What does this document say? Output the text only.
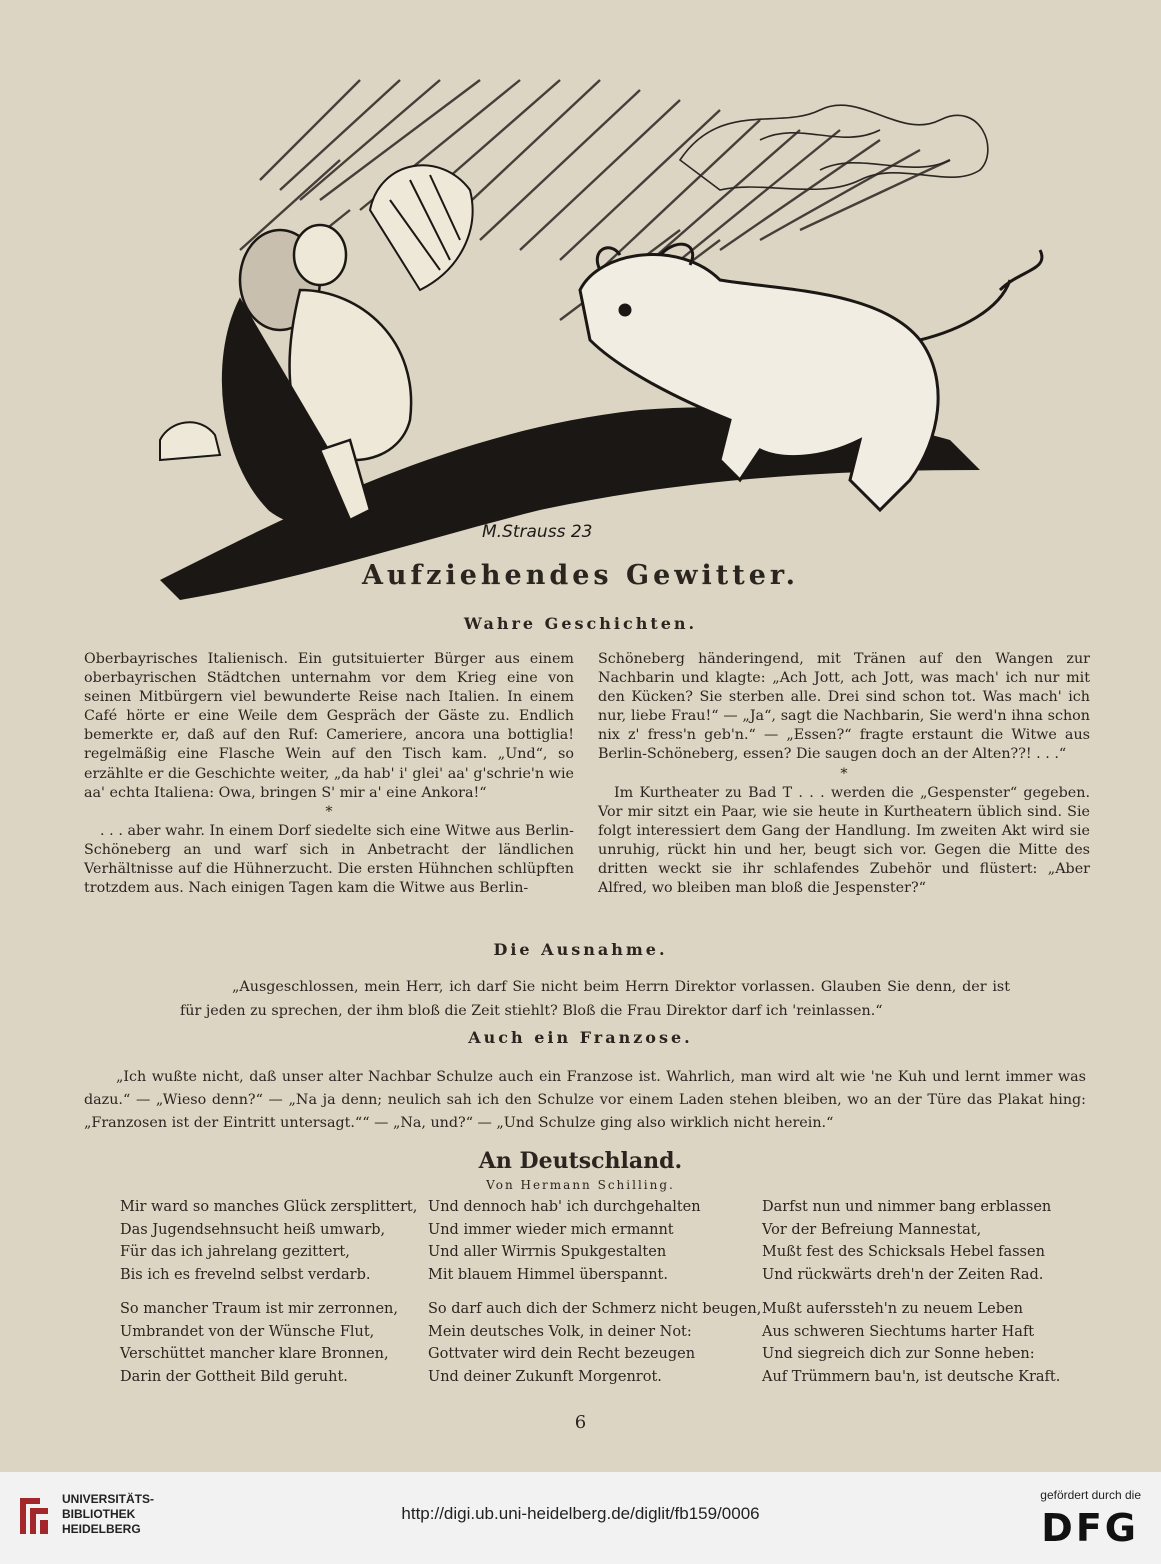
M.Strauss 23
Aufziehendes Gewitter.
Wahre Geschichten.

Oberbayrisches Italienisch. Ein gutsituierter Bürger aus einem oberbayrischen Städtchen unternahm vor dem Krieg eine von seinen Mitbürgern viel bewunderte Reise nach Italien. In einem Café hörte er eine Weile dem Gespräch der Gäste zu. Endlich bemerkte er, daß auf den Ruf: Cameriere, ancora una bottiglia! regelmäßig eine Flasche Wein auf den Tisch kam. „Und“, so erzählte er die Geschichte weiter, „da hab' i' glei' aa' g'schrie'n wie aa' echta Italiena: Owa, bringen S' mir a' eine Ankora!“

*

. . . aber wahr. In einem Dorf siedelte sich eine Witwe aus Berlin-Schöneberg an und warf sich in Anbetracht der ländlichen Verhältnisse auf die Hühnerzucht. Die ersten Hühnchen schlüpften trotzdem aus. Nach einigen Tagen kam die Witwe aus Berlin-

Schöneberg händeringend, mit Tränen auf den Wangen zur Nachbarin und klagte: „Ach Jott, ach Jott, was mach' ich nur mit den Kücken? Sie sterben alle. Drei sind schon tot. Was mach' ich nur, liebe Frau!“ — „Ja“, sagt die Nachbarin, Sie werd'n ihna schon nix z' fress'n geb'n.“ — „Essen?“ fragte erstaunt die Witwe aus Berlin-Schöneberg, essen? Die saugen doch an der Alten??! . . .“

*

Im Kurtheater zu Bad T . . . werden die „Gespenster“ gegeben. Vor mir sitzt ein Paar, wie sie heute in Kurtheatern üblich sind. Sie folgt interessiert dem Gang der Handlung. Im zweiten Akt wird sie unruhig, rückt hin und her, beugt sich vor. Gegen die Mitte des dritten weckt sie ihr schlafendes Zubehör und flüstert: „Aber Alfred, wo bleiben man bloß die Jespenster?“

Die Ausnahme.

„Ausgeschlossen, mein Herr, ich darf Sie nicht beim Herrn Direktor vorlassen. Glauben Sie denn, der ist für jeden zu sprechen, der ihm bloß die Zeit stiehlt? Bloß die Frau Direktor darf ich 'reinlassen.“

Auch ein Franzose.

„Ich wußte nicht, daß unser alter Nachbar Schulze auch ein Franzose ist. Wahrlich, man wird alt wie 'ne Kuh und lernt immer was dazu.“ — „Wieso denn?“ — „Na ja denn; neulich sah ich den Schulze vor einem Laden stehen bleiben, wo an der Türe das Plakat hing: „Franzosen ist der Eintritt untersagt.““ — „Na, und?“ — „Und Schulze ging also wirklich nicht herein.“

An Deutschland.

Von Hermann Schilling.

Mir ward so manches Glück zersplittert,
Das Jugendsehnsucht heiß umwarb,
Für das ich jahrelang gezittert,
Bis ich es frevelnd selbst verdarb.
Und dennoch hab' ich durchgehalten
Und immer wieder mich ermannt
Und aller Wirrnis Spukgestalten
Mit blauem Himmel überspannt.
Darfst nun und nimmer bang erblassen
Vor der Befreiung Mannestat,
Mußt fest des Schicksals Hebel fassen
Und rückwärts dreh'n der Zeiten Rad.
So mancher Traum ist mir zerronnen,
Umbrandet von der Wünsche Flut,
Verschüttet mancher klare Bronnen,
Darin der Gottheit Bild geruht.
So darf auch dich der Schmerz nicht beugen,
Mein deutsches Volk, in deiner Not:
Gottvater wird dein Recht bezeugen
Und deiner Zukunft Morgenrot.
Mußt auferssteh'n zu neuem Leben
Aus schweren Siechtums harter Haft
Und siegreich dich zur Sonne heben:
Auf Trümmern bau'n, ist deutsche Kraft.
6
UNIVERSITÄTS-
BIBLIOTHEK
HEIDELBERG
http://digi.ub.uni-heidelberg.de/diglit/fb159/0006
gefördert durch die
DFG
